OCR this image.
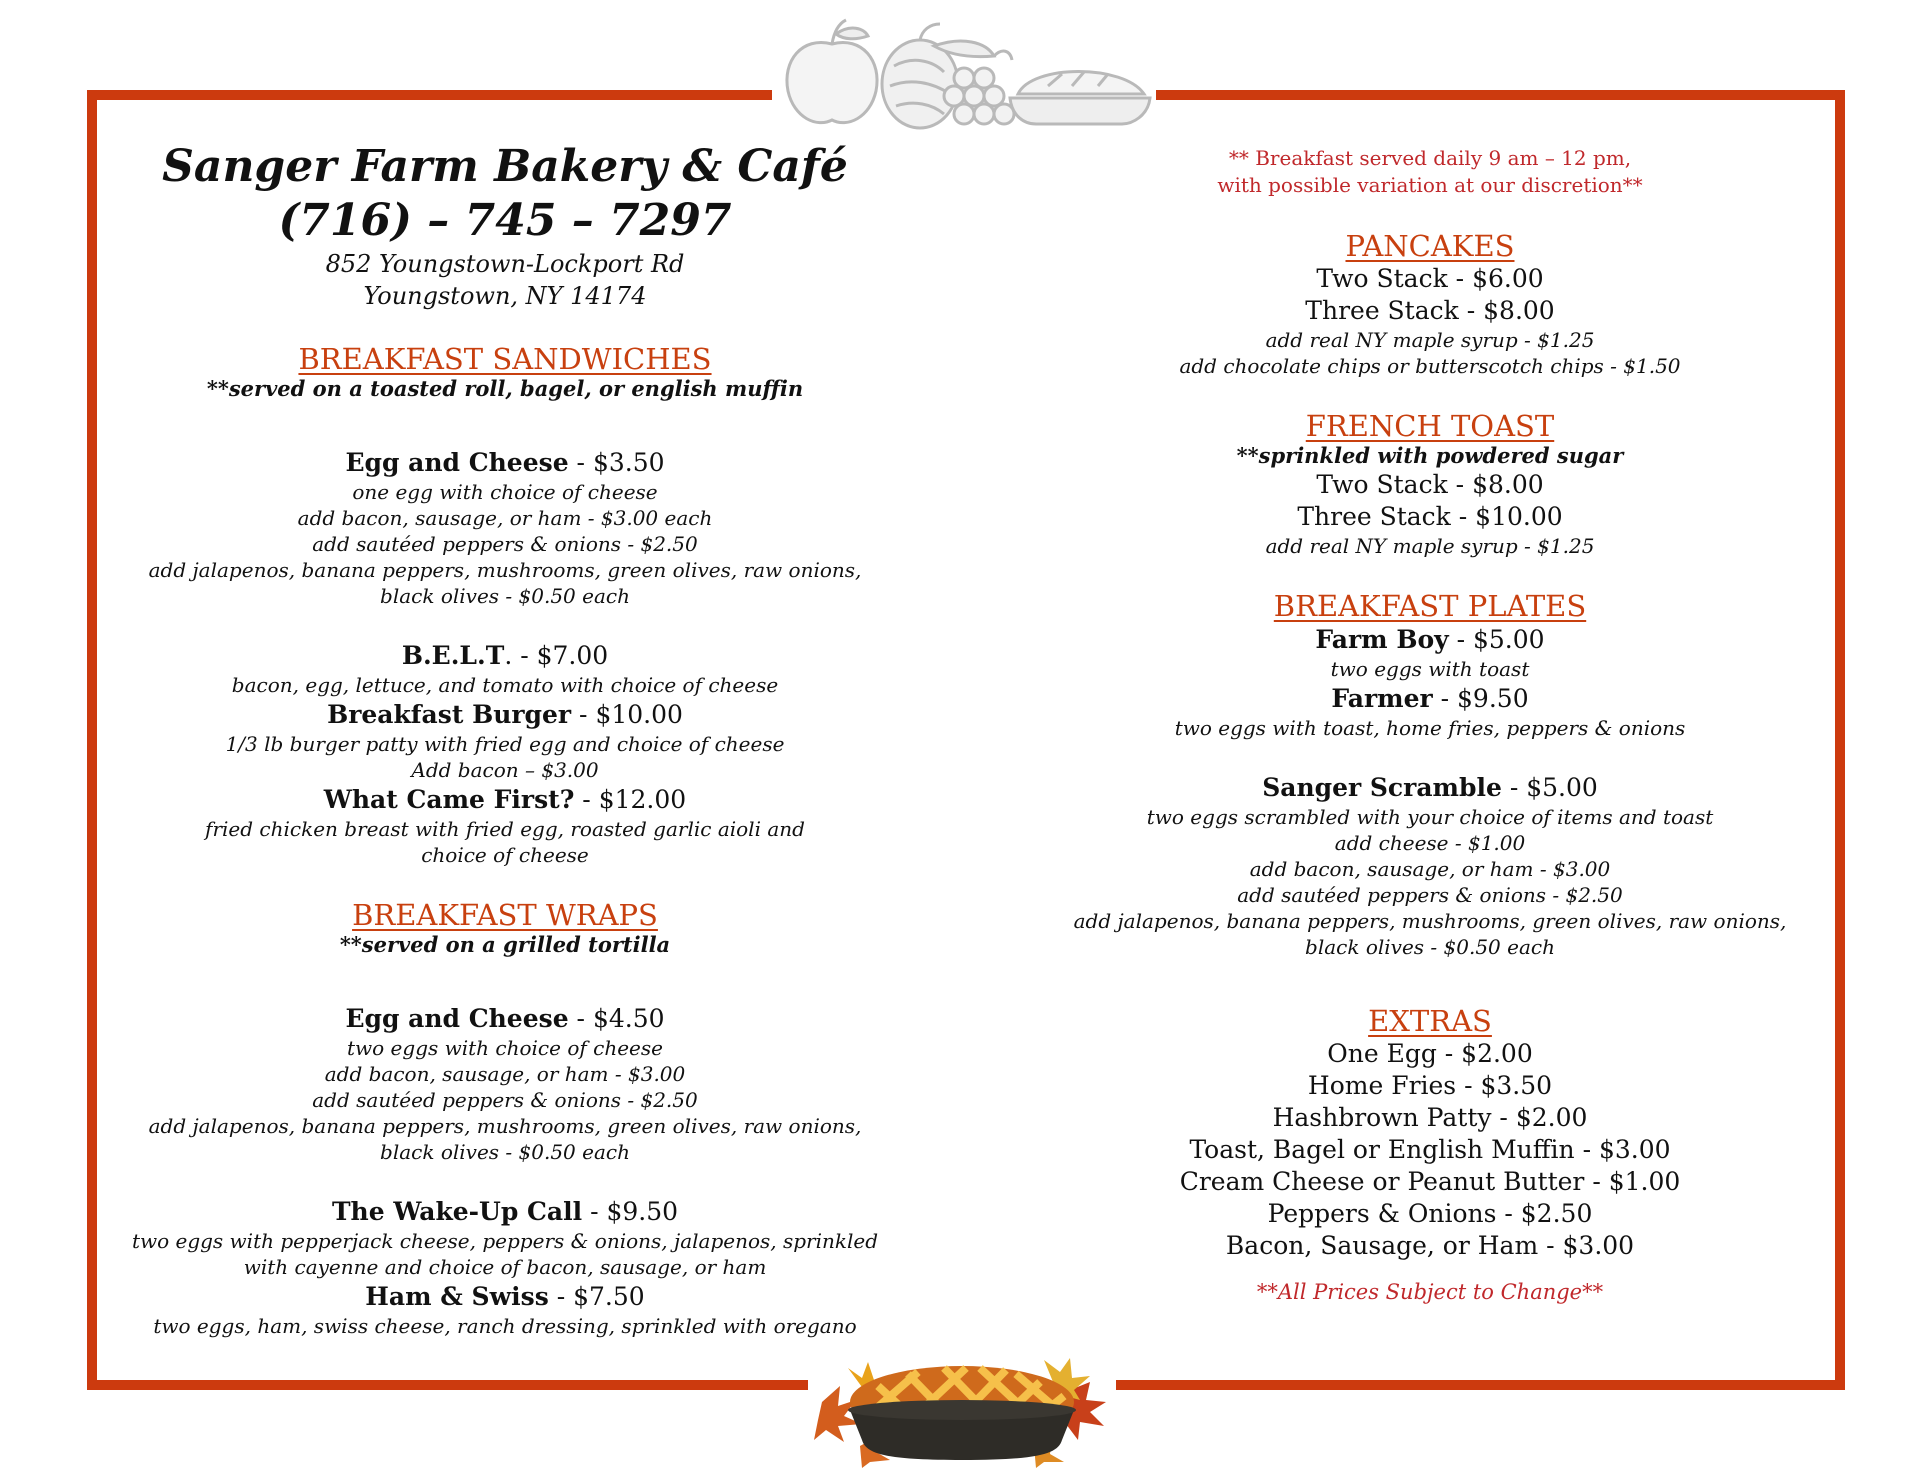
Sanger Farm Bakery & Café
(716) – 745 – 7297
852 Youngstown-Lockport Rd
Youngstown, NY 14174
BREAKFAST SANDWICHES
**served on a toasted roll, bagel, or english muffin
Egg and Cheese - $3.50
one egg with choice of cheese
add bacon, sausage, or ham - $3.00 each
add sautéed peppers & onions - $2.50
add jalapenos, banana peppers, mushrooms, green olives, raw onions,
black olives - $0.50 each
B.E.L.T. - $7.00
bacon, egg, lettuce, and tomato with choice of cheese
Breakfast Burger - $10.00
1/3 lb burger patty with fried egg and choice of cheese
Add bacon – $3.00
What Came First? - $12.00
fried chicken breast with fried egg, roasted garlic aioli and
choice of cheese
BREAKFAST WRAPS
**served on a grilled tortilla
Egg and Cheese - $4.50
two eggs with choice of cheese
add bacon, sausage, or ham - $3.00
add sautéed peppers & onions - $2.50
add jalapenos, banana peppers, mushrooms, green olives, raw onions,
black olives - $0.50 each
The Wake-Up Call - $9.50
two eggs with pepperjack cheese, peppers & onions, jalapenos, sprinkled
with cayenne and choice of bacon, sausage, or ham
Ham & Swiss - $7.50
two eggs, ham, swiss cheese, ranch dressing, sprinkled with oregano
** Breakfast served daily 9 am – 12 pm,
with possible variation at our discretion**
PANCAKES
Two Stack - $6.00
Three Stack - $8.00
add real NY maple syrup - $1.25
add chocolate chips or butterscotch chips - $1.50
FRENCH TOAST
**sprinkled with powdered sugar
Two Stack - $8.00
Three Stack - $10.00
add real NY maple syrup - $1.25
BREAKFAST PLATES
Farm Boy - $5.00
two eggs with toast
Farmer - $9.50
two eggs with toast, home fries, peppers & onions
Sanger Scramble - $5.00
two eggs scrambled with your choice of items and toast
add cheese - $1.00
add bacon, sausage, or ham - $3.00
add sautéed peppers & onions - $2.50
add jalapenos, banana peppers, mushrooms, green olives, raw onions,
black olives - $0.50 each
EXTRAS
One Egg - $2.00
Home Fries - $3.50
Hashbrown Patty - $2.00
Toast, Bagel or English Muffin - $3.00
Cream Cheese or Peanut Butter - $1.00
Peppers & Onions - $2.50
Bacon, Sausage, or Ham - $3.00
**All Prices Subject to Change**
